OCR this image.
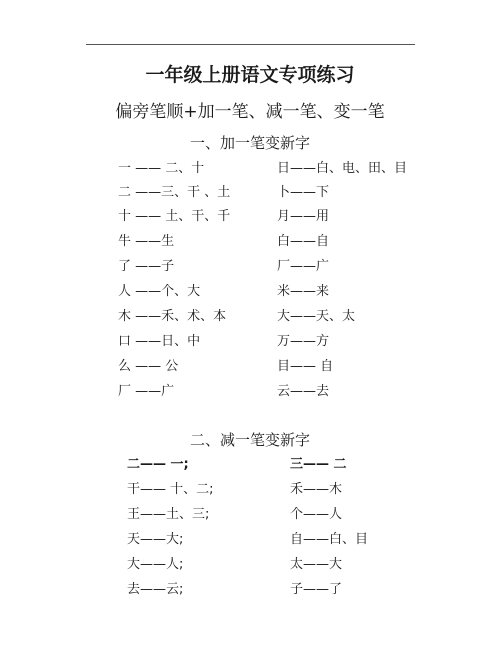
一年级上册语文专项练习
偏旁笔顺+加一笔、减一笔、变一笔
一、加一笔变新字
一 —— 二、十
二 ——三、干 、土
十 —— 土、干、千
牛 ——生
了 ——子
人 ——个、大
木 ——禾、术、本
口 ——日、中
么 —— 公
厂 ——广
日——白、电、田、目
卜——下
月——用
白——自
厂——广
米——来
大——天、太
万——方
目—— 自
云——去
二、减一笔变新字
二—— 一;
干—— 十、二;
王——土、三;
天——大;
大——人;
去——云;
三—— 二
禾——木
个——人
自——白、目
太——大
子——了
